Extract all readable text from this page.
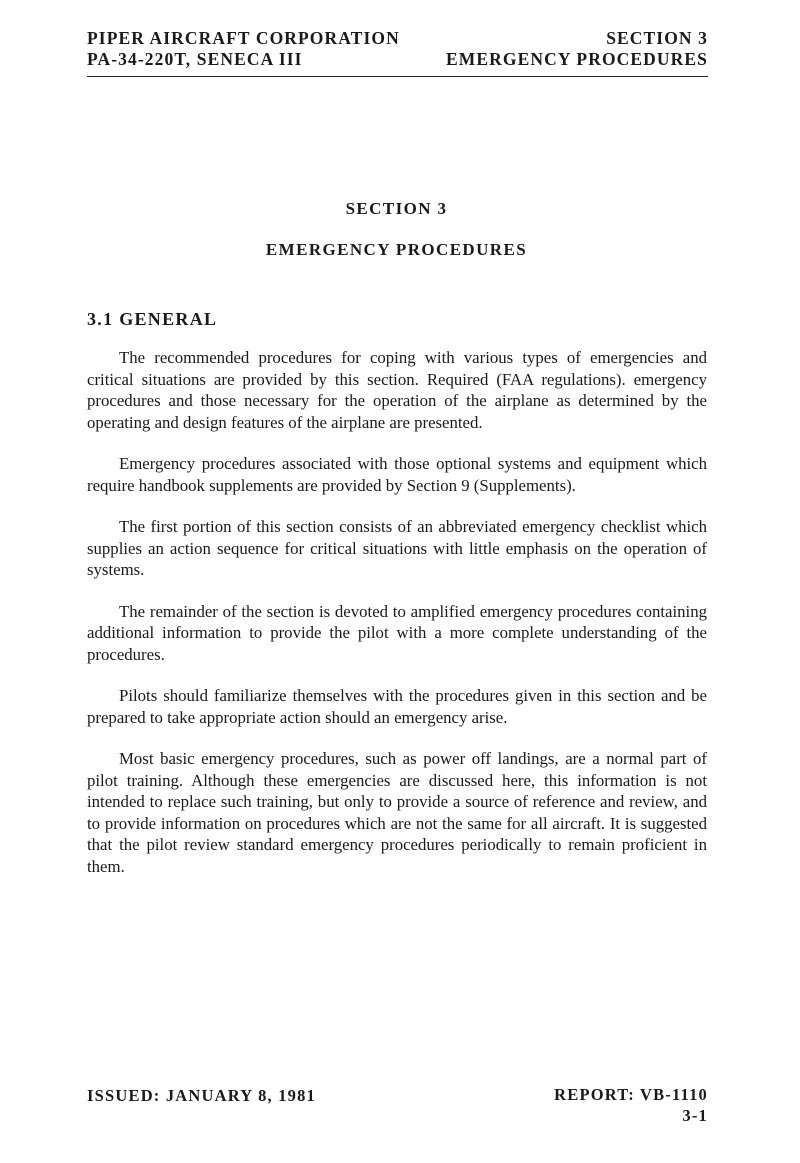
PIPER AIRCRAFT CORPORATION
PA-34-220T, SENECA III
SECTION 3
EMERGENCY PROCEDURES
SECTION 3
EMERGENCY PROCEDURES
3.1 GENERAL

The recommended procedures for coping with various types of emergencies and critical situations are provided by this section. Required (FAA regulations). emergency procedures and those necessary for the operation of the airplane as determined by the operating and design features of the airplane are presented.

Emergency procedures associated with those optional systems and equipment which require handbook supplements are provided by Section 9 (Supplements).

The first portion of this section consists of an abbreviated emergency checklist which supplies an action sequence for critical situations with little emphasis on the operation of systems.

The remainder of the section is devoted to amplified emergency procedures containing additional information to provide the pilot with a more complete understanding of the procedures.

Pilots should familiarize themselves with the procedures given in this section and be prepared to take appropriate action should an emergency arise.

Most basic emergency procedures, such as power off landings, are a normal part of pilot training. Although these emergencies are discussed here, this information is not intended to replace such training, but only to provide a source of reference and review, and to provide information on procedures which are not the same for all aircraft. It is suggested that the pilot review standard emergency procedures periodically to remain proficient in them.

ISSUED: JANUARY 8, 1981	REPORT: VB-1110
3-1
